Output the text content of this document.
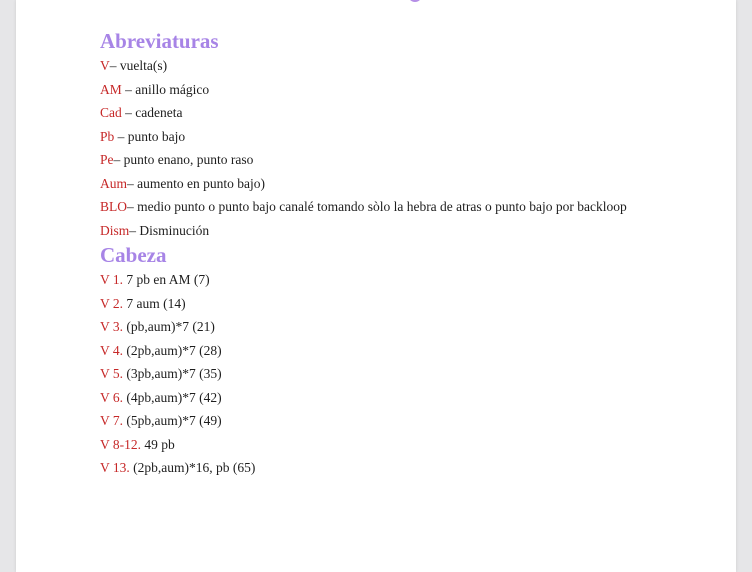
Abreviaturas
V– vuelta(s)
AM – anillo mágico
Cad – cadeneta
Pb – punto bajo
Pe– punto enano, punto raso
Aum– aumento en punto bajo)
BLO– medio punto o punto bajo canalé tomando sòlo la hebra de atras o punto bajo por backloop
Dism– Disminución
Cabeza
V 1. 7 pb en AM (7)
V 2. 7 aum (14)
V 3. (pb,aum)*7 (21)
V 4. (2pb,aum)*7 (28)
V 5. (3pb,aum)*7 (35)
V 6. (4pb,aum)*7 (42)
V 7. (5pb,aum)*7 (49)
V 8-12. 49 pb
V 13. (2pb,aum)*16, pb (65)
